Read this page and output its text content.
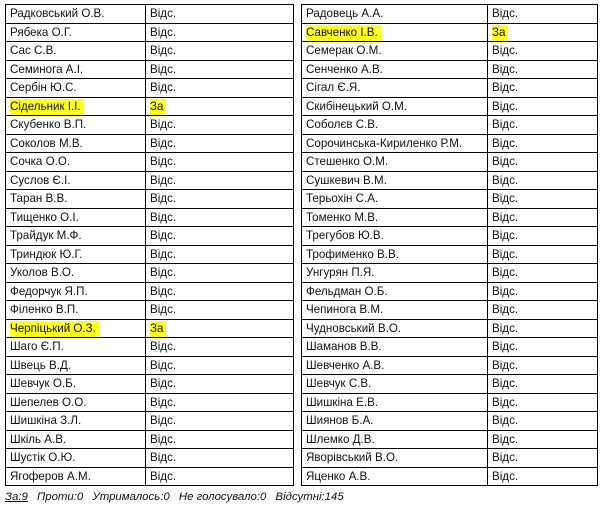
Радковський О.В.	Відс.		Радовець А.А.	Відс.
Рябека О.Г.	Відс.		Савченко І.В.	За
Сас С.В.	Відс.		Семерак О.М.	Відс.
Семинога А.І.	Відс.		Сенченко А.В.	Відс.
Сербін Ю.С.	Відс.		Сігал Є.Я.	Відс.
Сідельник І.І.	За		Скибінецький О.М.	Відс.
Скубенко В.П.	Відс.		Соболєв С.В.	Відс.
Соколов М.В.	Відс.		Сорочинська-Кириленко Р.М.	Відс.
Сочка О.О.	Відс.		Стешенко О.М.	Відс.
Суслов Є.І.	Відс.		Сушкевич В.М.	Відс.
Таран В.В.	Відс.		Терьохін С.А.	Відс.
Тищенко О.І.	Відс.		Томенко М.В.	Відс.
Трайдук М.Ф.	Відс.		Трегубов Ю.В.	Відс.
Триндюк Ю.Г.	Відс.		Трофименко В.В.	Відс.
Уколов В.О.	Відс.		Унгурян П.Я.	Відс.
Федорчук Я.П.	Відс.		Фельдман О.Б.	Відс.
Філенко В.П.	Відс.		Чепинога В.М.	Відс.
Черпіцький О.З.	За		Чудновський В.О.	Відс.
Шаго Є.П.	Відс.		Шаманов В.В.	Відс.
Швець В.Д.	Відс.		Шевченко А.В.	Відс.
Шевчук О.Б.	Відс.		Шевчук С.В.	Відс.
Шепелев О.О.	Відс.		Шишкіна Е.В.	Відс.
Шишкіна З.Л.	Відс.		Шиянов Б.А.	Відс.
Шкіль А.В.	Відс.		Шлемко Д.В.	Відс.
Шустік О.Ю.	Відс.		Яворівський В.О.	Відс.
Ягоферов А.М.	Відс.		Яценко А.В.	Відс.
За:9 Проти:0 Утрималось:0 Не голосувало:0 Відсутні:145
